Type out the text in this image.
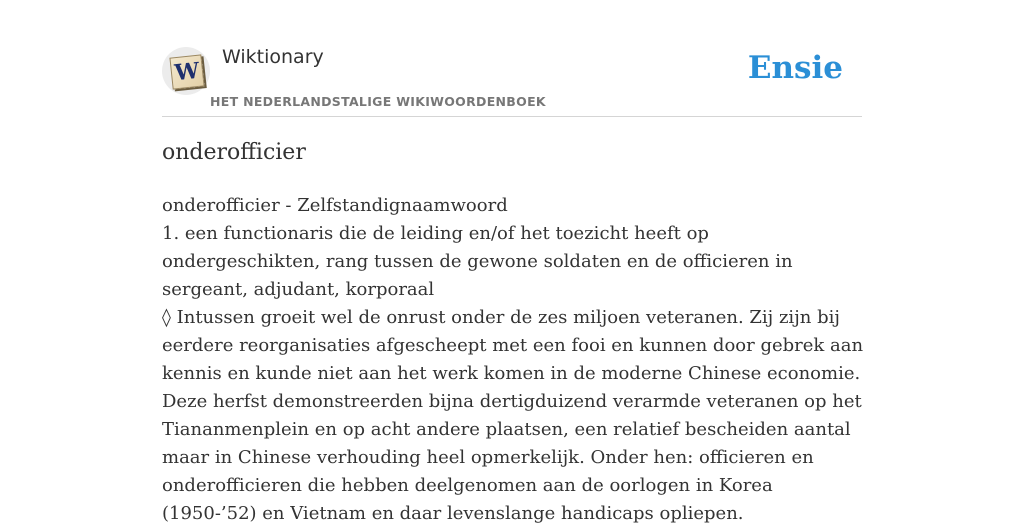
W
Wiktionary
HET NEDERLANDSTALIGE WIKIWOORDENBOEK
Ensie
onderofficier

onderofficier - Zelfstandignaamwoord

1. een functionaris die de leiding en/of het toezicht heeft op ondergeschikten, rang tussen de gewone soldaten en de officieren in sergeant, adjudant, korporaal

◊ Intussen groeit wel de onrust onder de zes miljoen veteranen. Zij zijn bij eerdere reorganisaties afgescheept met een fooi en kunnen door gebrek aan kennis en kunde niet aan het werk komen in de moderne Chinese economie. Deze herfst demonstreerden bijna dertigduizend verarmde veteranen op het Tiananmenplein en op acht andere plaatsen, een relatief bescheiden aantal maar in Chinese verhouding heel opmerkelijk. Onder hen: officieren en onderofficieren die hebben deelgenomen aan de oorlogen in Korea (1950-’52) en Vietnam en daar levenslange handicaps opliepen.
